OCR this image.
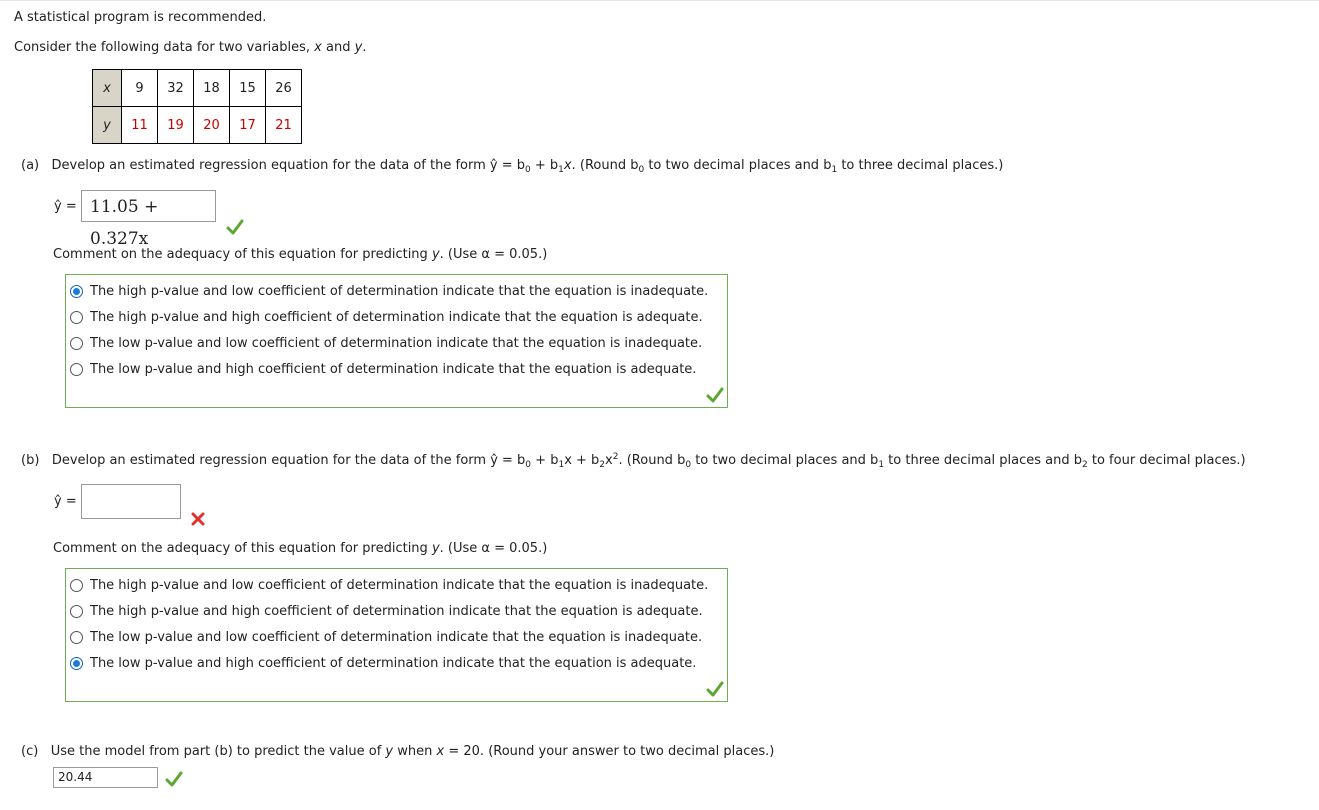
A statistical program is recommended.
Consider the following data for two variables, x and y.
x	9	32	18	15	26
y	11	19	20	17	21
(a) Develop an estimated regression equation for the data of the form ŷ = $b_0 + b_1x$. (Round $b_0$ to two decimal places and $b_1$ to three decimal places.)
ŷ = 11.05 + 0.327x
Comment on the adequacy of this equation for predicting y. (Use α = 0.05.)
The high p-value and low coefficient of determination indicate that the equation is inadequate.
The high p-value and high coefficient of determination indicate that the equation is adequate.
The low p-value and low coefficient of determination indicate that the equation is inadequate.
The low p-value and high coefficient of determination indicate that the equation is adequate.
(b) Develop an estimated regression equation for the data of the form ŷ = $b_0 + b_1x + b_2x^2$. (Round $b_0$ to two decimal places and $b_1$ to three decimal places and $b_2$ to four decimal places.)
ŷ =
Comment on the adequacy of this equation for predicting y. (Use α = 0.05.)
The high p-value and low coefficient of determination indicate that the equation is inadequate.
The high p-value and high coefficient of determination indicate that the equation is adequate.
The low p-value and low coefficient of determination indicate that the equation is inadequate.
The low p-value and high coefficient of determination indicate that the equation is adequate.
(c) Use the model from part (b) to predict the value of y when x = 20. (Round your answer to two decimal places.)
20.44
